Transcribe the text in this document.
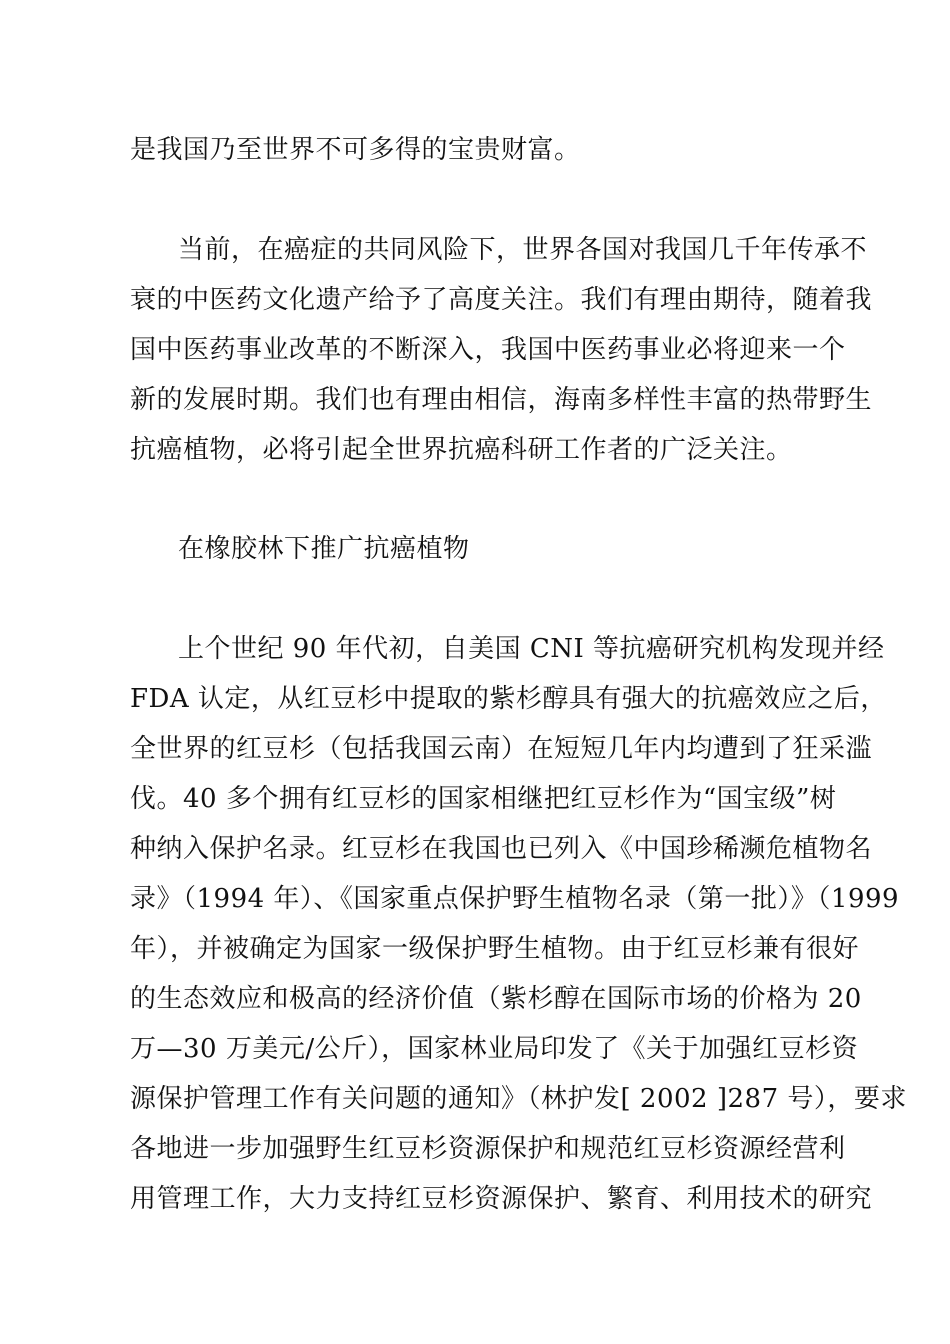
是我国乃至世界不可多得的宝贵财富。
当前，在癌症的共同风险下，世界各国对我国几千年传承不
衰的中医药文化遗产给予了高度关注。我们有理由期待，随着我
国中医药事业改革的不断深入，我国中医药事业必将迎来一个
新的发展时期。我们也有理由相信，海南多样性丰富的热带野生
抗癌植物，必将引起全世界抗癌科研工作者的广泛关注。
在橡胶林下推广抗癌植物
上个世纪 90 年代初，自美国 CNI 等抗癌研究机构发现并经
FDA 认定，从红豆杉中提取的紫杉醇具有强大的抗癌效应之后，
全世界的红豆杉（包括我国云南）在短短几年内均遭到了狂采滥
伐。40 多个拥有红豆杉的国家相继把红豆杉作为“国宝级”树
种纳入保护名录。红豆杉在我国也已列入《中国珍稀濒危植物名
录》（1994 年）、《国家重点保护野生植物名录（第一批）》（1999
年），并被确定为国家一级保护野生植物。由于红豆杉兼有很好
的生态效应和极高的经济价值（紫杉醇在国际市场的价格为 20
万—30 万美元/公斤），国家林业局印发了《关于加强红豆杉资
源保护管理工作有关问题的通知》（林护发[ 2002 ]287 号），要求
各地进一步加强野生红豆杉资源保护和规范红豆杉资源经营利
用管理工作，大力支持红豆杉资源保护、繁育、利用技术的研究
